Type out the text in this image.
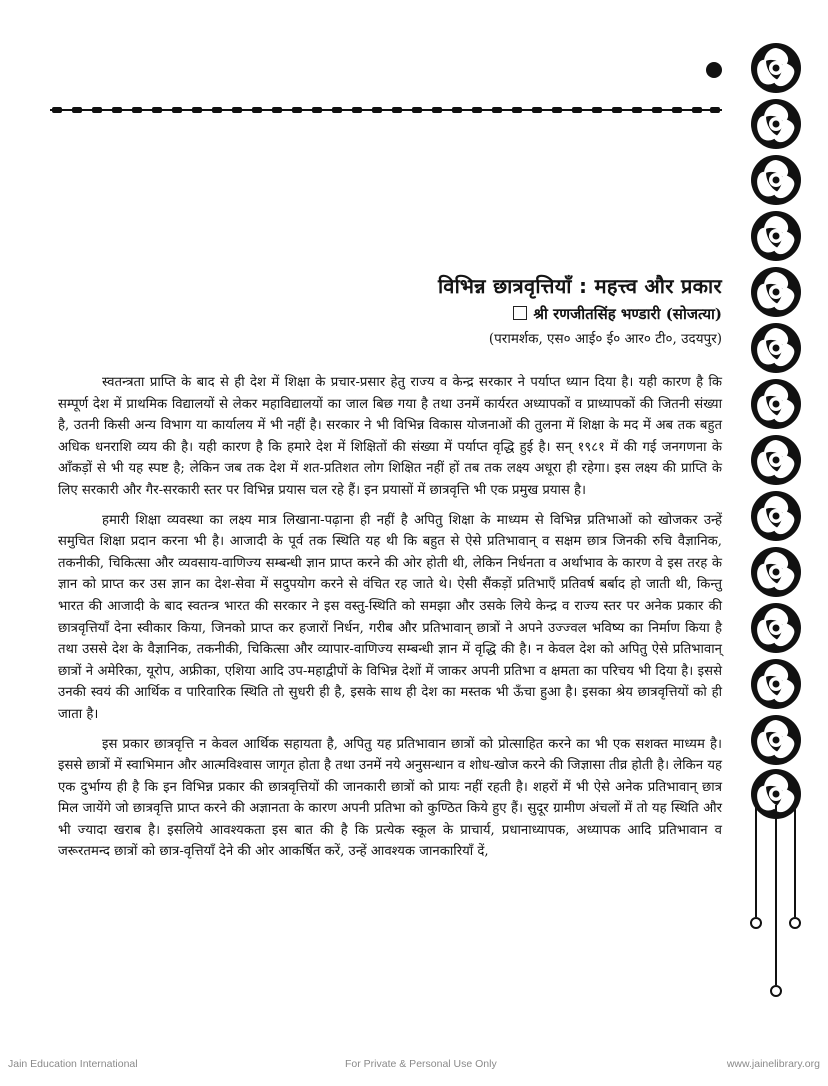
विभिन्न छात्रवृत्तियाँ : महत्त्व और प्रकार
श्री रणजीतसिंह भण्डारी (सोजत्या)
(परामर्शक, एस० आई० ई० आर० टी०, उदयपुर)

स्वतन्त्रता प्राप्ति के बाद से ही देश में शिक्षा के प्रचार-प्रसार हेतु राज्य व केन्द्र सरकार ने पर्याप्त ध्यान दिया है। यही कारण है कि सम्पूर्ण देश में प्राथमिक विद्यालयों से लेकर महाविद्यालयों का जाल बिछ गया है तथा उनमें कार्यरत अध्यापकों व प्राध्यापकों की जितनी संख्या है, उतनी किसी अन्य विभाग या कार्यालय में भी नहीं है। सरकार ने भी विभिन्न विकास योजनाओं की तुलना में शिक्षा के मद में अब तक बहुत अधिक धनराशि व्यय की है। यही कारण है कि हमारे देश में शिक्षितों की संख्या में पर्याप्त वृद्धि हुई है। सन् १९८१ में की गई जनगणना के आँकड़ों से भी यह स्पष्ट है; लेकिन जब तक देश में शत-प्रतिशत लोग शिक्षित नहीं हों तब तक लक्ष्य अधूरा ही रहेगा। इस लक्ष्य की प्राप्ति के लिए सरकारी और गैर-सरकारी स्तर पर विभिन्न प्रयास चल रहे हैं। इन प्रयासों में छात्रवृत्ति भी एक प्रमुख प्रयास है।

हमारी शिक्षा व्यवस्था का लक्ष्य मात्र लिखाना-पढ़ाना ही नहीं है अपितु शिक्षा के माध्यम से विभिन्न प्रतिभाओं को खोजकर उन्हें समुचित शिक्षा प्रदान करना भी है। आजादी के पूर्व तक स्थिति यह थी कि बहुत से ऐसे प्रतिभावान् व सक्षम छात्र जिनकी रुचि वैज्ञानिक, तकनीकी, चिकित्सा और व्यवसाय-वाणिज्य सम्बन्धी ज्ञान प्राप्त करने की ओर होती थी, लेकिन निर्धनता व अर्थाभाव के कारण वे इस तरह के ज्ञान को प्राप्त कर उस ज्ञान का देश-सेवा में सदुपयोग करने से वंचित रह जाते थे। ऐसी सैंकड़ों प्रतिभाएँ प्रतिवर्ष बर्बाद हो जाती थी, किन्तु भारत की आजादी के बाद स्वतन्त्र भारत की सरकार ने इस वस्तु-स्थिति को समझा और उसके लिये केन्द्र व राज्य स्तर पर अनेक प्रकार की छात्रवृत्तियाँ देना स्वीकार किया, जिनको प्राप्त कर हजारों निर्धन, गरीब और प्रतिभावान् छात्रों ने अपने उज्ज्वल भविष्य का निर्माण किया है तथा उससे देश के वैज्ञानिक, तकनीकी, चिकित्सा और व्यापार-वाणिज्य सम्बन्धी ज्ञान में वृद्धि की है। न केवल देश को अपितु ऐसे प्रतिभावान् छात्रों ने अमेरिका, यूरोप, अफ्रीका, एशिया आदि उप-महाद्वीपों के विभिन्न देशों में जाकर अपनी प्रतिभा व क्षमता का परिचय भी दिया है। इससे उनकी स्वयं की आर्थिक व पारिवारिक स्थिति तो सुधरी ही है, इसके साथ ही देश का मस्तक भी ऊँचा हुआ है। इसका श्रेय छात्रवृत्तियों को ही जाता है।

इस प्रकार छात्रवृत्ति न केवल आर्थिक सहायता है, अपितु यह प्रतिभावान छात्रों को प्रोत्साहित करने का भी एक सशक्त माध्यम है। इससे छात्रों में स्वाभिमान और आत्मविश्वास जागृत होता है तथा उनमें नये अनुसन्धान व शोध-खोज करने की जिज्ञासा तीव्र होती है। लेकिन यह एक दुर्भाग्य ही है कि इन विभिन्न प्रकार की छात्रवृत्तियों की जानकारी छात्रों को प्रायः नहीं रहती है। शहरों में भी ऐसे अनेक प्रतिभावान् छात्र मिल जायेंगे जो छात्रवृत्ति प्राप्त करने की अज्ञानता के कारण अपनी प्रतिभा को कुण्ठित किये हुए हैं। सुदूर ग्रामीण अंचलों में तो यह स्थिति और भी ज्यादा खराब है। इसलिये आवश्यकता इस बात की है कि प्रत्येक स्कूल के प्राचार्य, प्रधानाध्यापक, अध्यापक आदि प्रतिभावान व जरूरतमन्द छात्रों को छात्र-वृत्तियाँ देने की ओर आकर्षित करें, उन्हें आवश्यक जानकारियाँ दें,

Jain Education International	For Private & Personal Use Only	www.jainelibrary.org
